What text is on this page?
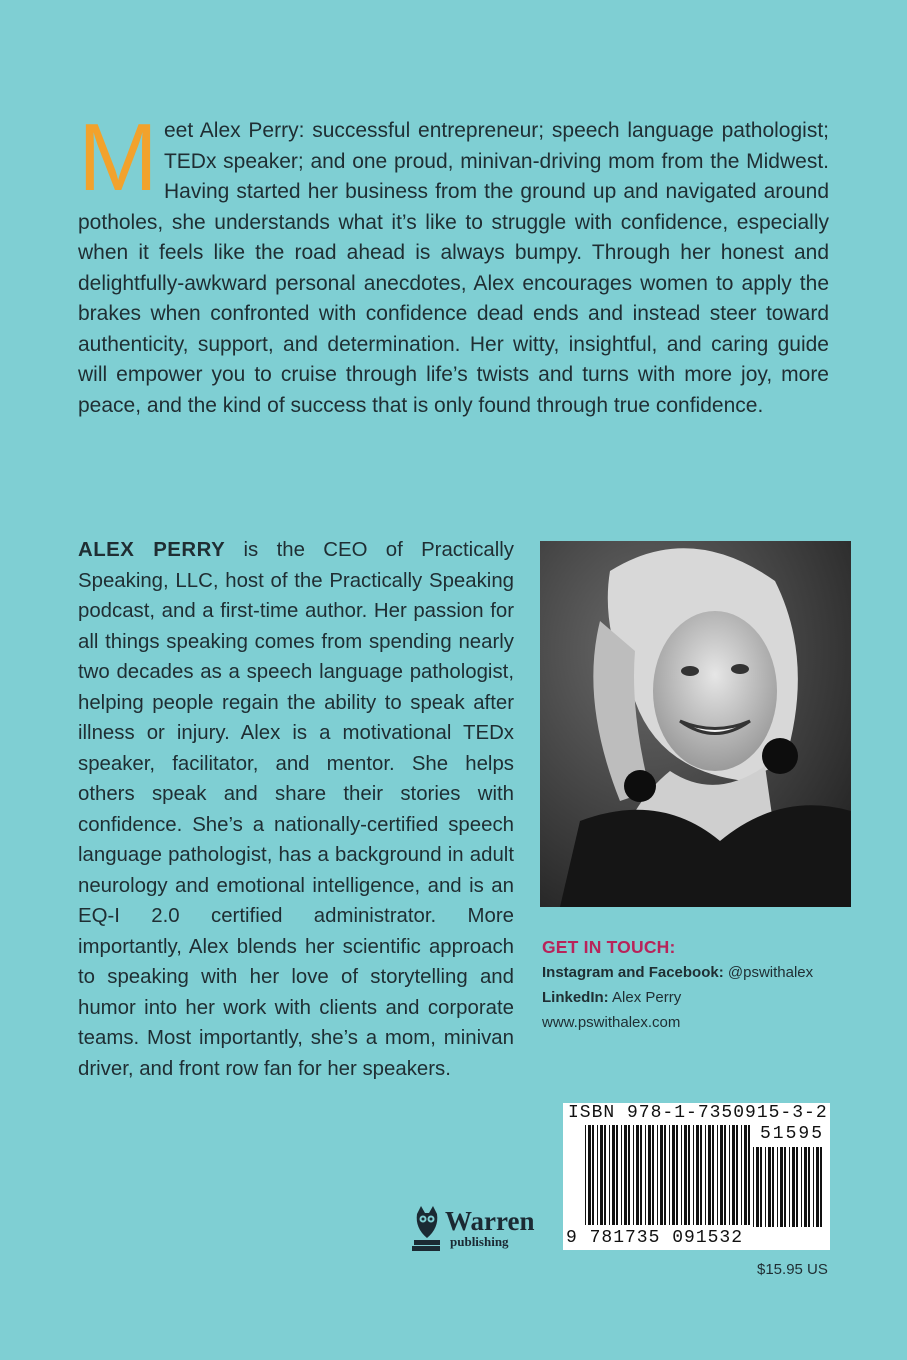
Meet Alex Perry: successful entrepreneur; speech language pathologist; TEDx speaker; and one proud, minivan-driving mom from the Midwest. Having started her business from the ground up and navigated around potholes, she understands what it’s like to struggle with confidence, especially when it feels like the road ahead is always bumpy. Through her honest and delightfully-awkward personal anecdotes, Alex encourages women to apply the brakes when confronted with confidence dead ends and instead steer toward authenticity, support, and determination. Her witty, insightful, and caring guide will empower you to cruise through life’s twists and turns with more joy, more peace, and the kind of success that is only found through true confidence.

ALEX PERRY is the CEO of Practically Speaking, LLC, host of the Practically Speaking podcast, and a first-time author. Her passion for all things speaking comes from spending nearly two decades as a speech language pathologist, helping people regain the ability to speak after illness or injury. Alex is a motivational TEDx speaker, facilitator, and mentor. She helps others speak and share their stories with confidence. She’s a nationally-certified speech language pathologist, has a background in adult neurology and emotional intelligence, and is an EQ-I 2.0 certified administrator. More importantly, Alex blends her scientific approach to speaking with her love of storytelling and humor into her work with clients and corporate teams. Most importantly, she’s a mom, minivan driver, and front row fan for her speakers.

GET IN TOUCH:
Instagram and Facebook: @pswithalex
LinkedIn: Alex Perry
www.pswithalex.com
Warren
publishing
ISBN 978-1-7350915-3-2
51595
9 781735 091532
$15.95 US
